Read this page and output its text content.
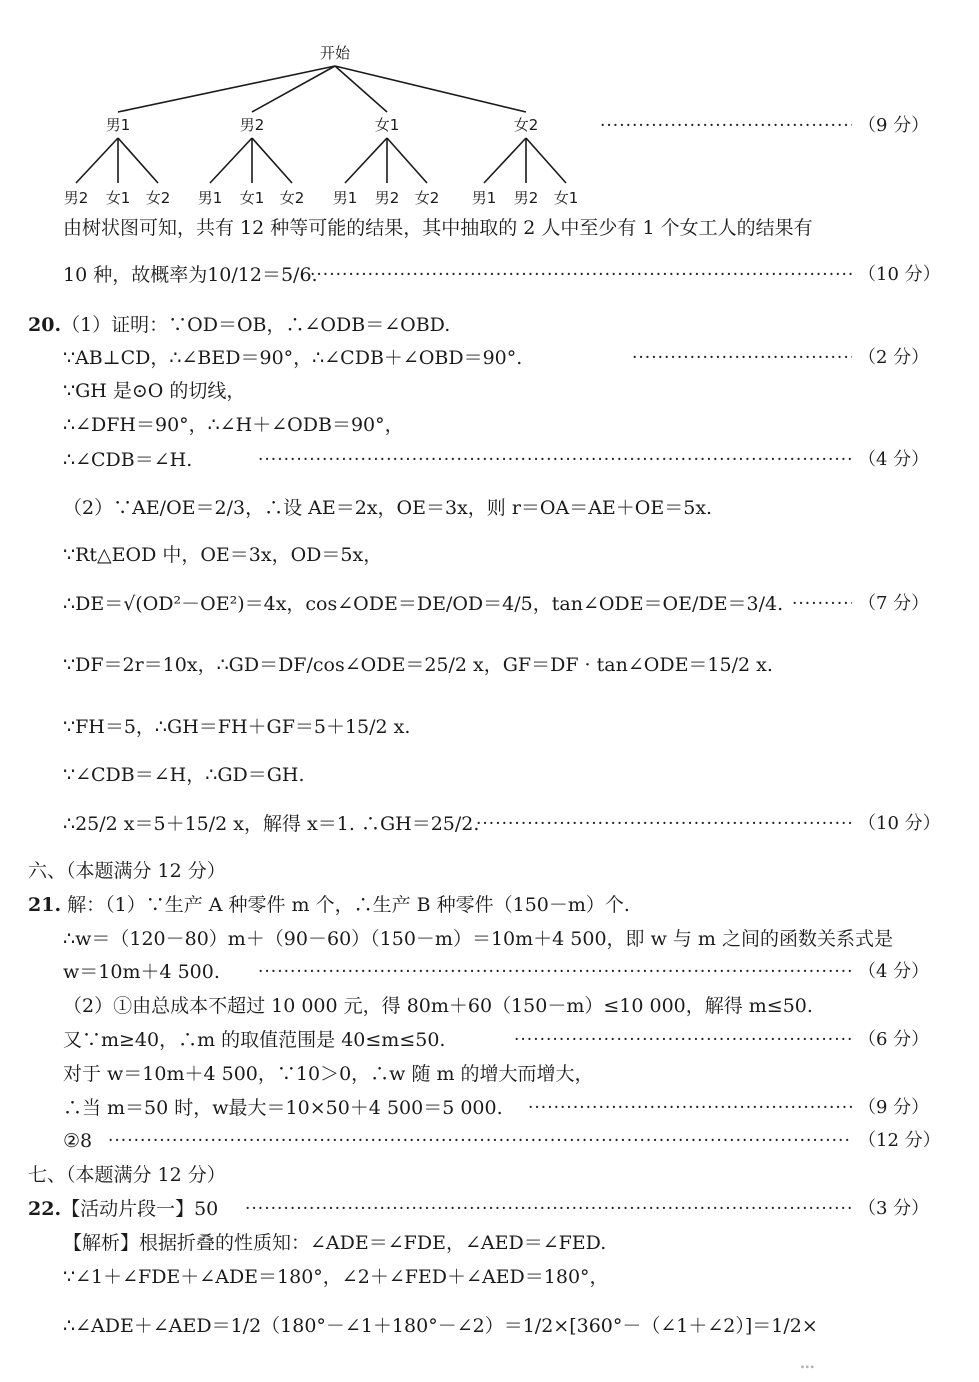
开始
男1
男2 女1 女2
男2
男1 女1 女2
女1
男1 男2 女2
女2
男1 男2 女1
·····
（9 分）
由树状图可知，共有 12 种等可能的结果，其中抽取的 2 人中至少有 1 个女工人的结果有
10 种，故概率为10/12＝5/6. ·····	（10 分）
20.（1）证明：∵OD＝OB，∴∠ODB＝∠OBD.
∵AB⊥CD，∴∠BED＝90°，∴∠CDB＋∠OBD＝90°. ·····	（2 分）
∵GH 是⊙O 的切线，
∴∠DFH＝90°，∴∠H＋∠ODB＝90°，
∴∠CDB＝∠H. ·····	（4 分）
（2）∵AE/OE＝2/3，∴设 AE＝2x，OE＝3x，则 r＝OA＝AE＋OE＝5x.
∵Rt△EOD 中，OE＝3x，OD＝5x，
∴DE＝√(OD²－OE²)＝4x，cos∠ODE＝DE/OD＝4/5，tan∠ODE＝OE/DE＝3/4. ·····	（7 分）
∵DF＝2r＝10x，∴GD＝DF/cos∠ODE＝25/2 x，GF＝DF · tan∠ODE＝15/2 x.
∵FH＝5，∴GH＝FH＋GF＝5＋15/2 x.
∵∠CDB＝∠H，∴GD＝GH.
∴25/2 x＝5＋15/2 x，解得 x＝1. ∴GH＝25/2. ·····	（10 分）
六、（本题满分 12 分）
21. 解：（1）∵生产 A 种零件 m 个，∴生产 B 种零件（150－m）个.
∴w＝（120－80）m＋（90－60）（150－m）＝10m＋4 500，即 w 与 m 之间的函数关系式是
w＝10m＋4 500. ·····	（4 分）
（2）①由总成本不超过 10 000 元，得 80m＋60（150－m）≤10 000，解得 m≤50.
又∵m≥40，∴m 的取值范围是 40≤m≤50. ·····	（6 分）
对于 w＝10m＋4 500，∵10＞0，∴w 随 m 的增大而增大，
∴当 m＝50 时，w最大＝10×50＋4 500＝5 000. ·····	（9 分）
②8 ·····	（12 分）
七、（本题满分 12 分）
22.【活动片段一】50 ·····	（3 分）
【解析】根据折叠的性质知：∠ADE＝∠FDE，∠AED＝∠FED.
∵∠1＋∠FDE＋∠ADE＝180°，∠2＋∠FED＋∠AED＝180°，
∴∠ADE＋∠AED＝1/2（180°－∠1＋180°－∠2）＝1/2×[360°－（∠1＋∠2）]＝1/2×
∙∙∙
